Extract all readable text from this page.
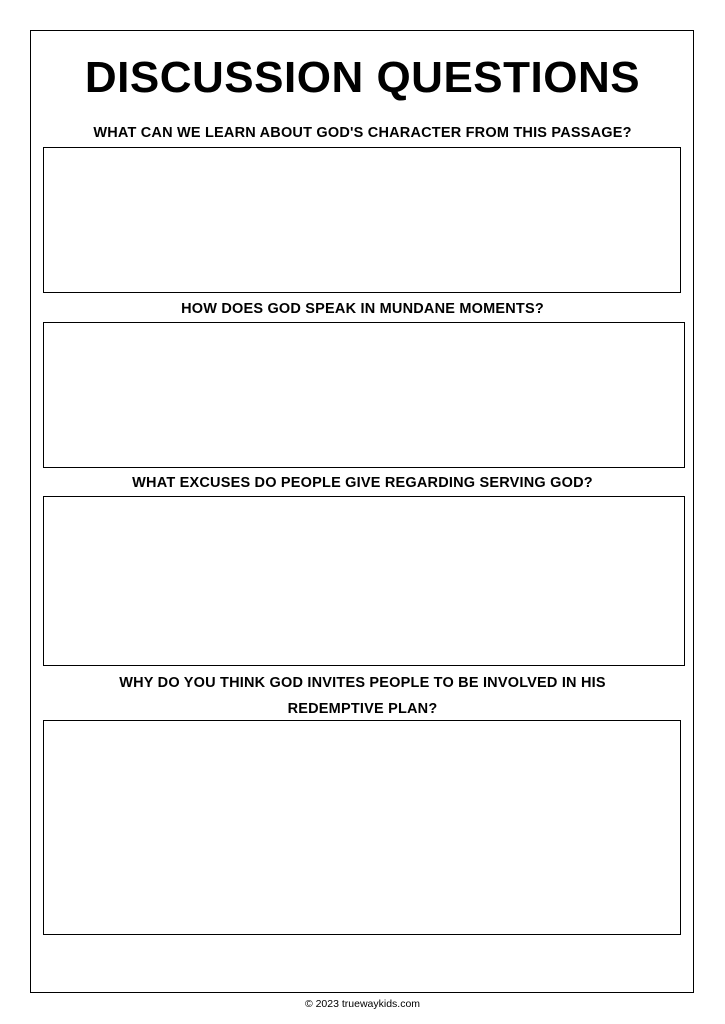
DISCUSSION QUESTIONS
WHAT CAN WE LEARN ABOUT GOD'S CHARACTER FROM THIS PASSAGE?
HOW DOES GOD SPEAK IN MUNDANE MOMENTS?
WHAT EXCUSES DO PEOPLE GIVE REGARDING SERVING GOD?
WHY DO YOU THINK GOD INVITES PEOPLE TO BE INVOLVED IN HIS
REDEMPTIVE PLAN?
© 2023 truewaykids.com
